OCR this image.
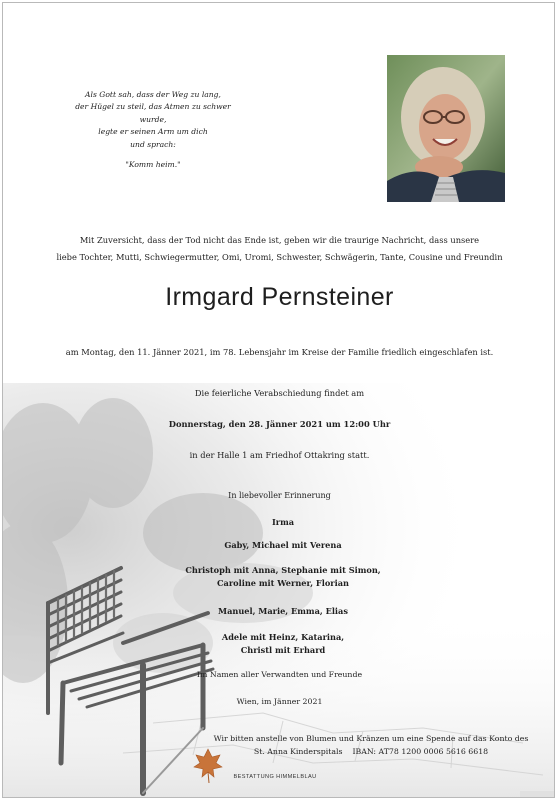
Als Gott sah, dass der Weg zu lang,
der Hügel zu steil, das Atmen zu schwer wurde,
legte er seinen Arm um dich
und sprach:
"Komm heim."
Mit Zuversicht, dass der Tod nicht das Ende ist, geben wir die traurige Nachricht, dass unsere
liebe Tochter, Mutti, Schwiegermutter, Omi, Uromi, Schwester, Schwägerin, Tante, Cousine und Freundin
Irmgard Pernsteiner
am Montag, den 11. Jänner 2021, im 78. Lebensjahr im Kreise der Familie friedlich eingeschlafen ist.
Die feierliche Verabschiedung findet am
Donnerstag, den 28. Jänner 2021 um 12:00 Uhr
in der Halle 1 am Friedhof Ottakring statt.
In liebevoller Erinnerung
Irma
Gaby, Michael mit Verena
Christoph mit Anna, Stephanie mit Simon,
Caroline mit Werner, Florian
Manuel, Marie, Emma, Elias
Adele mit Heinz, Katarina,
Christl mit Erhard
Im Namen aller Verwandten und Freunde
Wien, im Jänner 2021
Wir bitten anstelle von Blumen und Kränzen um eine Spende auf das Konto des
St. Anna Kinderspitals    IBAN: AT78 1200 0006 5616 6618
BESTATTUNG HIMMELBLAU
